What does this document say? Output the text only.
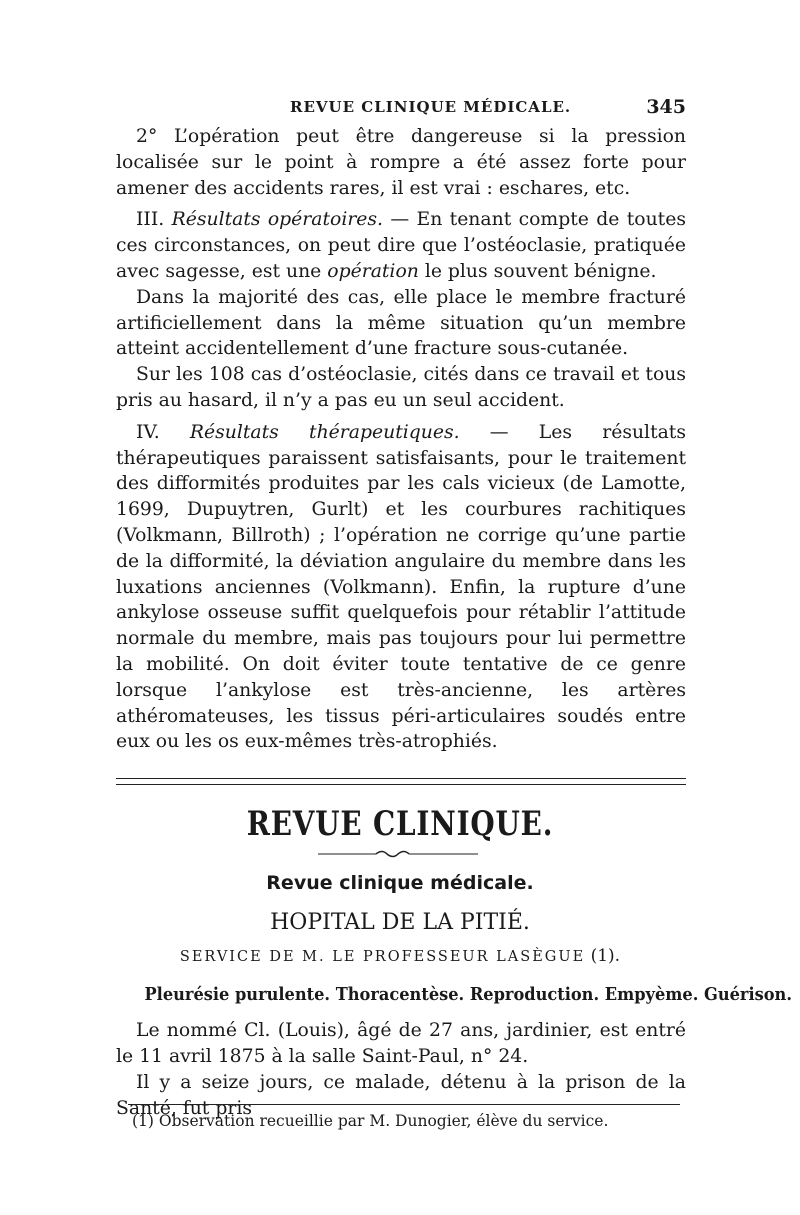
REVUE CLINIQUE MÉDICALE.	345

2° L’opération peut être dangereuse si la pression localisée sur le point à rompre a été assez forte pour amener des accidents rares, il est vrai : eschares, etc.

III. Résultats opératoires. — En tenant compte de toutes ces circonstances, on peut dire que l’ostéoclasie, pratiquée avec sagesse, est une opération le plus souvent bénigne.

Dans la majorité des cas, elle place le membre fracturé artificiellement dans la même situation qu’un membre atteint accidentellement d’une fracture sous-cutanée.

Sur les 108 cas d’ostéoclasie, cités dans ce travail et tous pris au hasard, il n’y a pas eu un seul accident.

IV. Résultats thérapeutiques. — Les résultats thérapeutiques paraissent satisfaisants, pour le traitement des difformités produites par les cals vicieux (de Lamotte, 1699, Dupuytren, Gurlt) et les courbures rachitiques (Volkmann, Billroth) ; l’opération ne corrige qu’une partie de la difformité, la déviation angulaire du membre dans les luxations anciennes (Volkmann). Enfin, la rupture d’une ankylose osseuse suffit quelquefois pour rétablir l’attitude normale du membre, mais pas toujours pour lui permettre la mobilité. On doit éviter toute tentative de ce genre lorsque l’ankylose est très-ancienne, les artères athéromateuses, les tissus péri-articulaires soudés entre eux ou les os eux-mêmes très-atrophiés.

REVUE CLINIQUE.
Revue clinique médicale.
HOPITAL DE LA PITIÉ.
SERVICE DE M. LE PROFESSEUR LASÈGUE (1).
Pleurésie purulente. Thoracentèse. Reproduction. Empyème. Guérison.

Le nommé Cl. (Louis), âgé de 27 ans, jardinier, est entré le 11 avril 1875 à la salle Saint-Paul, n° 24.

Il y a seize jours, ce malade, détenu à la prison de la Santé, fut pris

(1) Observation recueillie par M. Dunogier, élève du service.
